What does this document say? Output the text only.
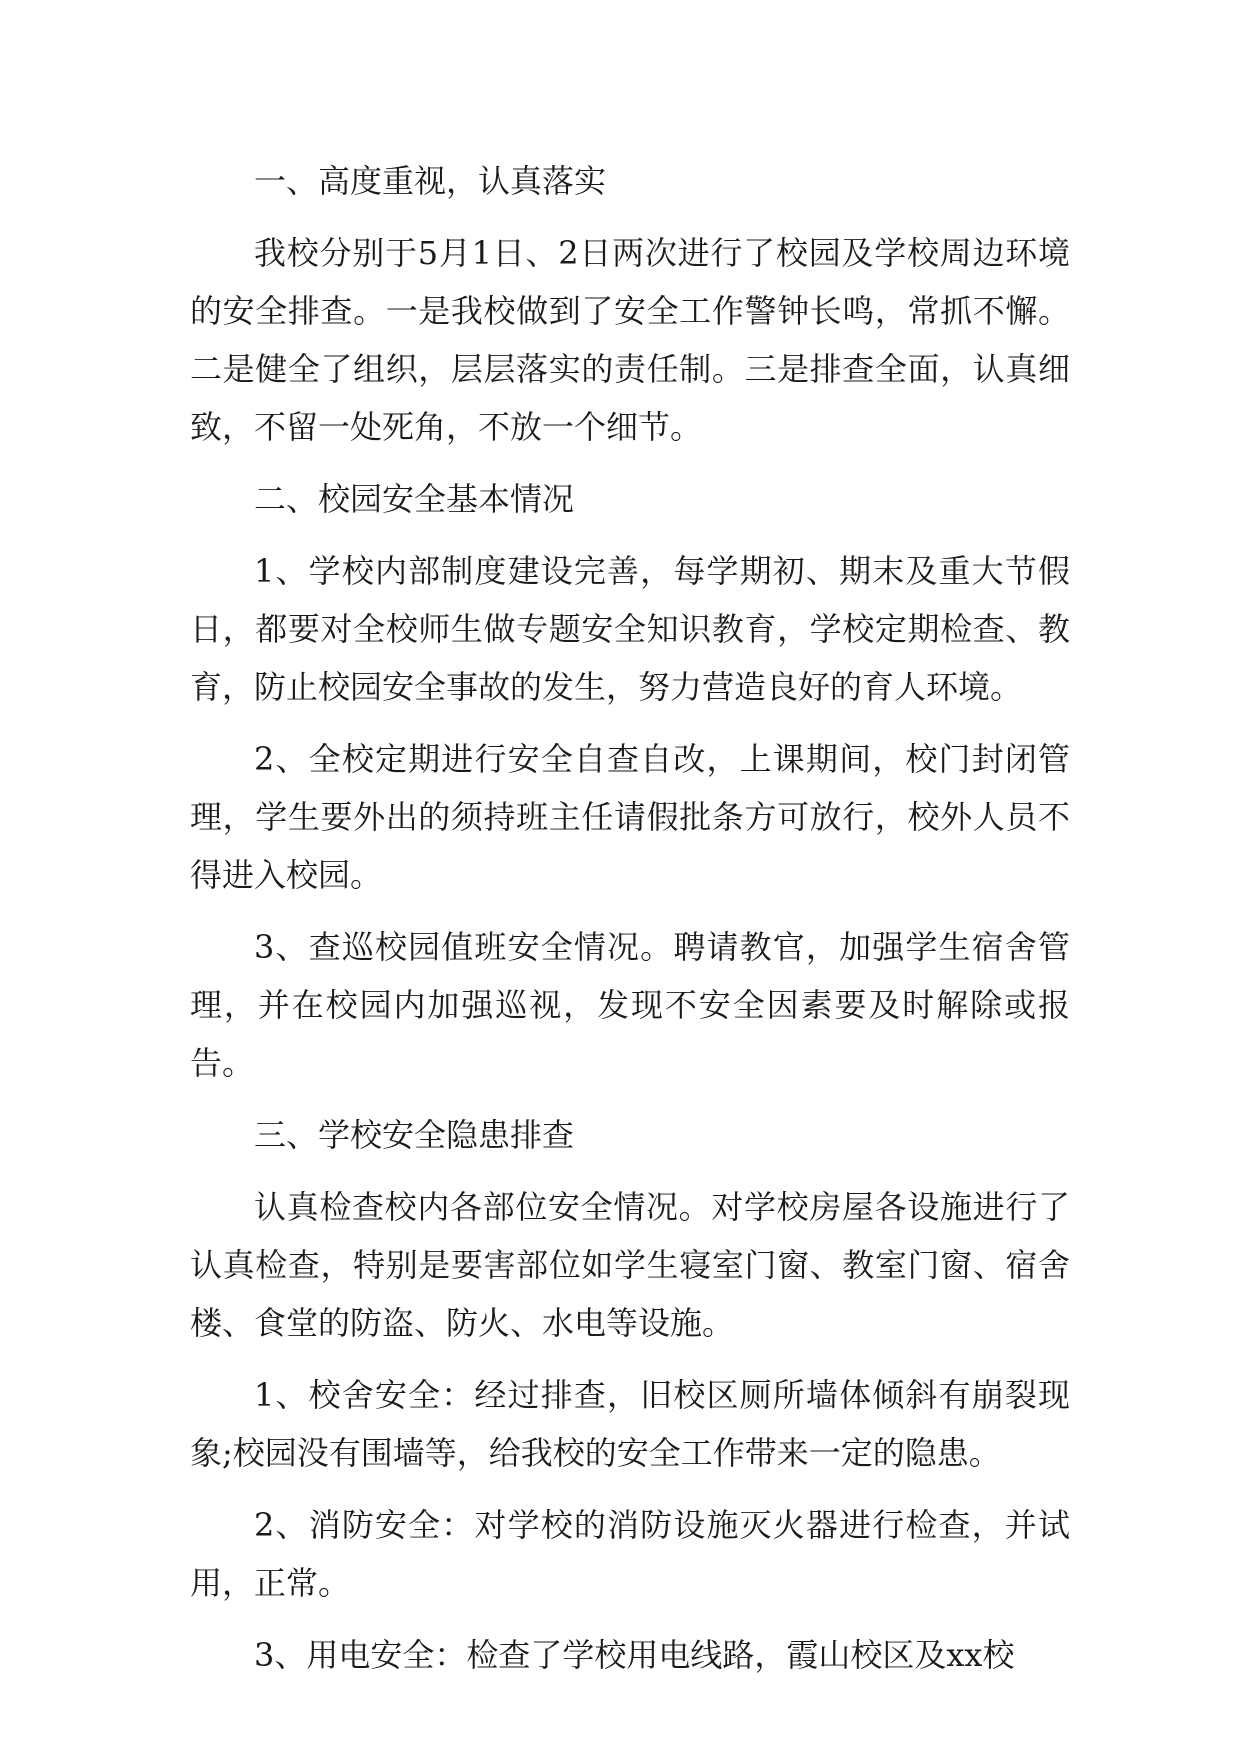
一、高度重视，认真落实

我校分别于5月1日、2日两次进行了校园及学校周边环境的安全排查。一是我校做到了安全工作警钟长鸣，常抓不懈。二是健全了组织，层层落实的责任制。三是排查全面，认真细致，不留一处死角，不放一个细节。

二、校园安全基本情况

1、学校内部制度建设完善，每学期初、期末及重大节假日，都要对全校师生做专题安全知识教育，学校定期检查、教育，防止校园安全事故的发生，努力营造良好的育人环境。

2、全校定期进行安全自查自改，上课期间，校门封闭管理，学生要外出的须持班主任请假批条方可放行，校外人员不得进入校园。

3、查巡校园值班安全情况。聘请教官，加强学生宿舍管理，并在校园内加强巡视，发现不安全因素要及时解除或报告。

三、学校安全隐患排查

认真检查校内各部位安全情况。对学校房屋各设施进行了认真检查，特别是要害部位如学生寝室门窗、教室门窗、宿舍楼、食堂的防盗、防火、水电等设施。

1、校舍安全：经过排查，旧校区厕所墙体倾斜有崩裂现象;校园没有围墙等，给我校的安全工作带来一定的隐患。

2、消防安全：对学校的消防设施灭火器进行检查，并试用，正常。

3、用电安全：检查了学校用电线路，霞山校区及xx校
